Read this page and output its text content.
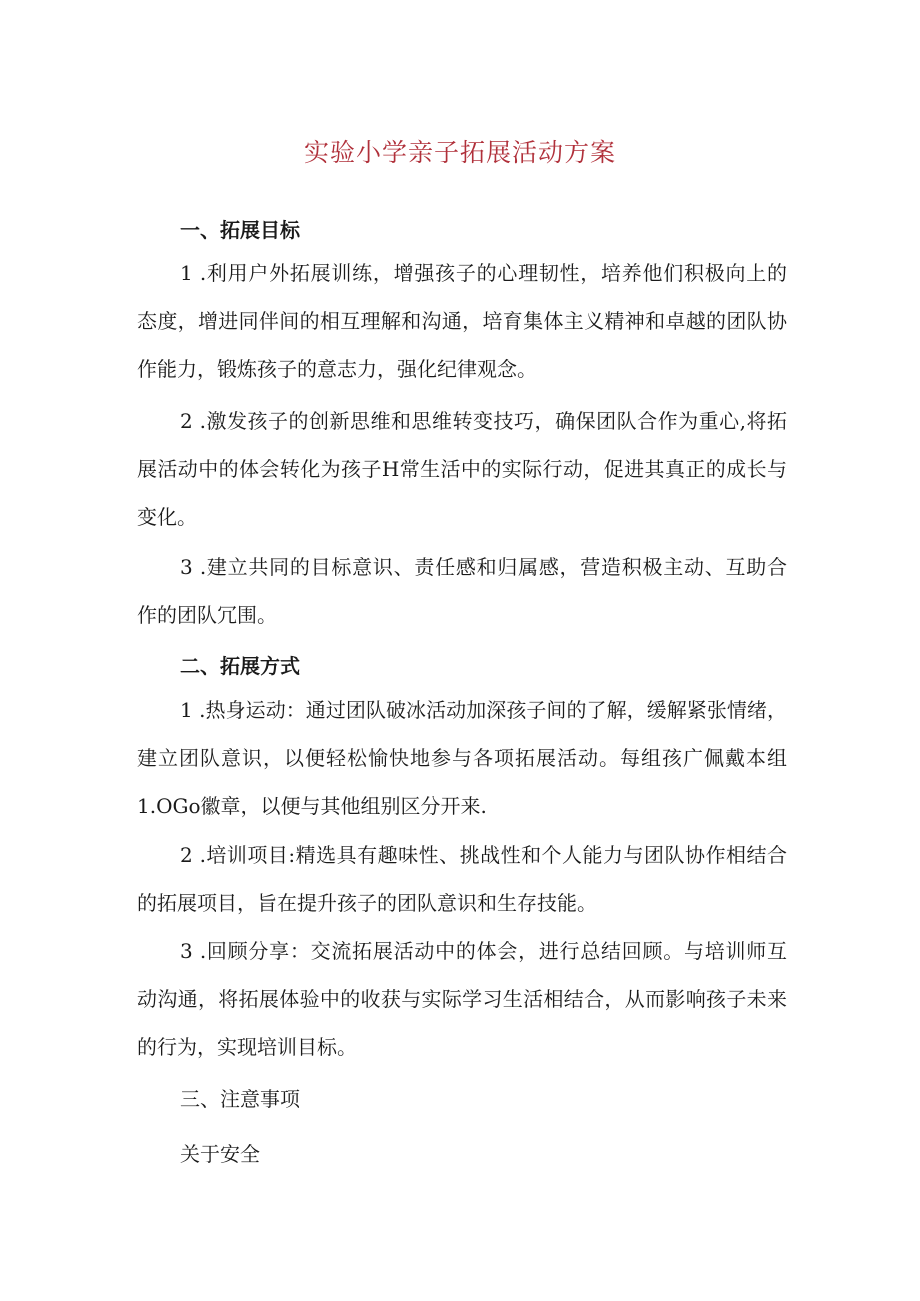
实验小学亲子拓展活动方案
一、拓展目标
1 .利用户外拓展训练，增强孩子的心理韧性，培养他们积极向上的
态度，增进同伴间的相互理解和沟通，培育集体主义精神和卓越的团队协
作能力，锻炼孩子的意志力，强化纪律观念。
2 .激发孩子的创新思维和思维转变技巧，确保团队合作为重心,将拓
展活动中的体会转化为孩子H常生活中的实际行动，促进其真正的成长与
变化。
3 .建立共同的目标意识、责任感和归属感，营造积极主动、互助合
作的团队冗围。
二、拓展方式
1 .热身运动：通过团队破冰活动加深孩子间的了解，缓解紧张情绪，
建立团队意识，以便轻松愉快地参与各项拓展活动。每组孩广佩戴本组
1.OGo徽章，以便与其他组别区分开来.
2 .培训项目:精选具有趣味性、挑战性和个人能力与团队协作相结合
的拓展项目，旨在提升孩子的团队意识和生存技能。
3 .回顾分享：交流拓展活动中的体会，进行总结回顾。与培训师互
动沟通，将拓展体验中的收获与实际学习生活相结合，从而影响孩子未来
的行为，实现培训目标。
三、注意事项
关于安全
